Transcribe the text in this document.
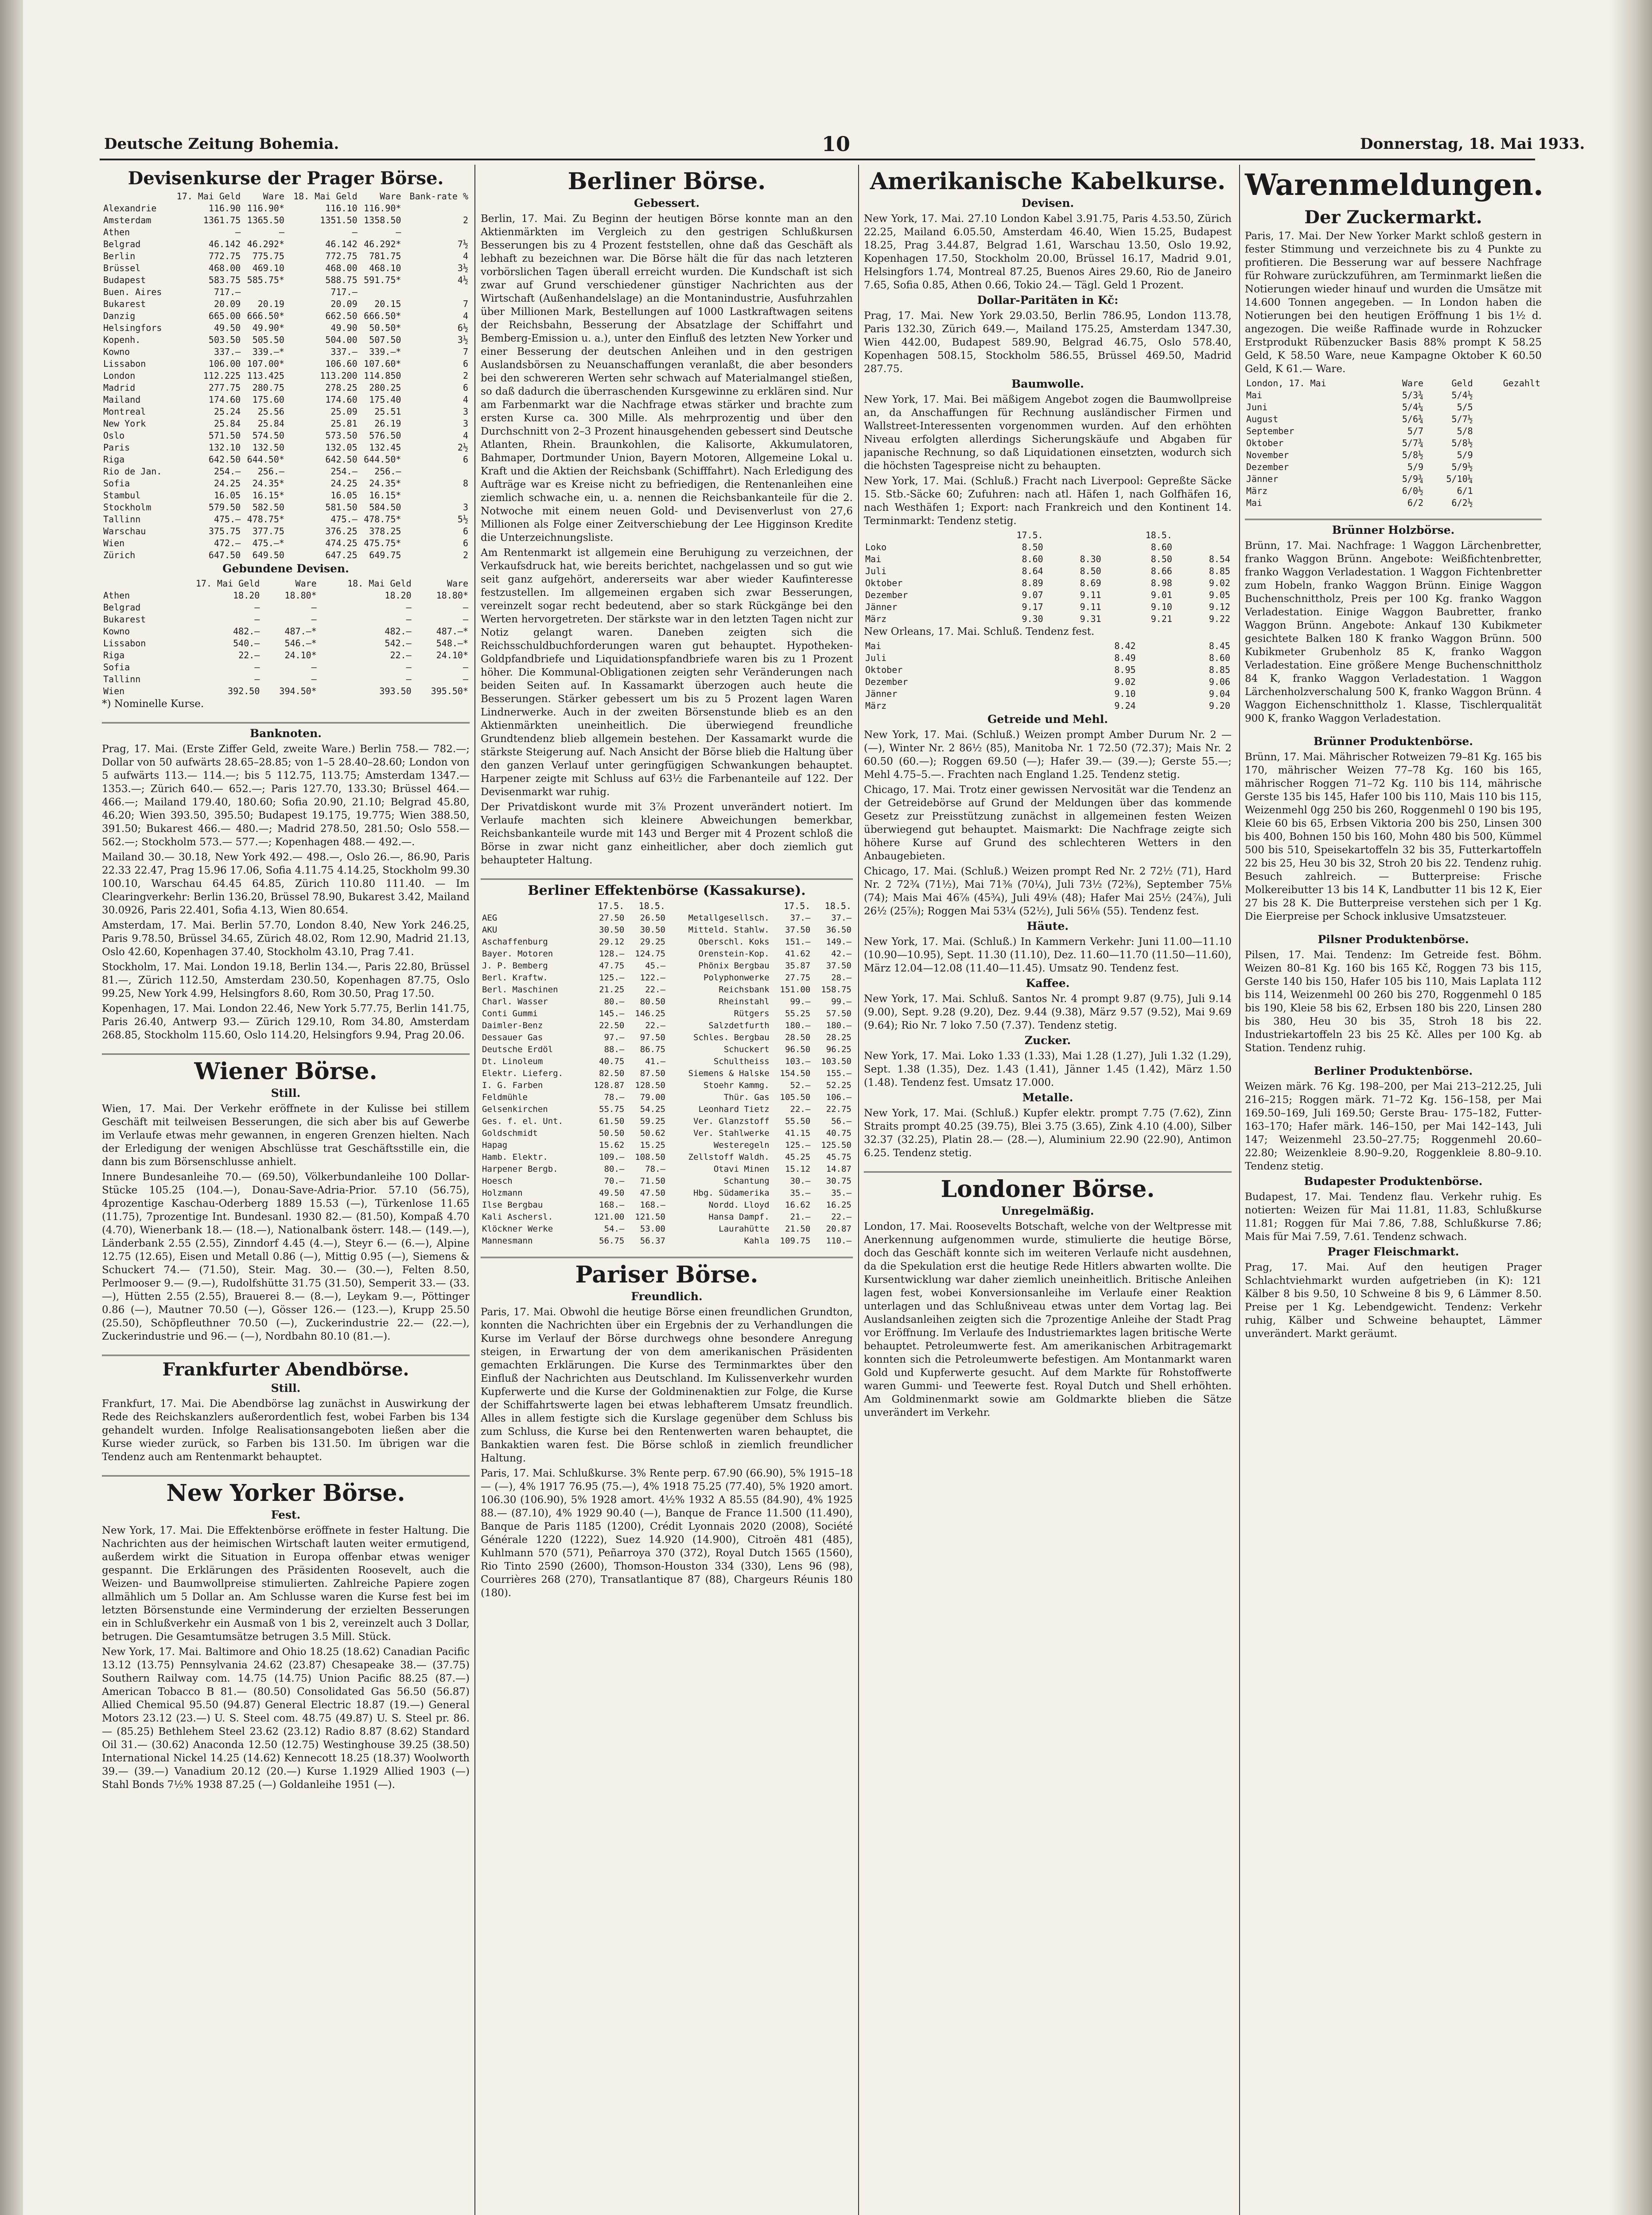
Deutsche Zeitung Bohemia.	10	Donnerstag, 18. Mai 1933.
Devisenkurse der Prager Börse.
	17. Mai Geld	Ware	18. Mai Geld	Ware	Bank-rate %
Alexandrie	116.90	116.90*	116.10	116.90*	
Amsterdam	1361.75	1365.50	1351.50	1358.50	2
Athen	—	—	—	—	
Belgrad	46.142	46.292*	46.142	46.292*	7½
Berlin	772.75	775.75	772.75	781.75	4
Brüssel	468.00	469.10	468.00	468.10	3½
Budapest	583.75	585.75*	588.75	591.75*	4½
Buen. Aires	717.—		717.—		
Bukarest	20.09	20.19	20.09	20.15	7
Danzig	665.00	666.50*	662.50	666.50*	4
Helsingfors	49.50	49.90*	49.90	50.50*	6½
Kopenh.	503.50	505.50	504.00	507.50	3½
Kowno	337.—	339.—*	337.—	339.—*	7
Lissabon	106.00	107.00*	106.60	107.60*	6
London	112.225	113.425	113.200	114.850	2
Madrid	277.75	280.75	278.25	280.25	6
Mailand	174.60	175.60	174.60	175.40	4
Montreal	25.24	25.56	25.09	25.51	3
New York	25.84	25.84	25.81	26.19	3
Oslo	571.50	574.50	573.50	576.50	4
Paris	132.10	132.50	132.05	132.45	2½
Riga	642.50	644.50*	642.50	644.50*	6
Rio de Jan.	254.—	256.—	254.—	256.—	
Sofia	24.25	24.35*	24.25	24.35*	8
Stambul	16.05	16.15*	16.05	16.15*	
Stockholm	579.50	582.50	581.50	584.50	3
Tallinn	475.—	478.75*	475.—	478.75*	5½
Warschau	375.75	377.75	376.25	378.25	6
Wien	472.—	475.—*	474.25	475.75*	6
Zürich	647.50	649.50	647.25	649.75	2
Gebundene Devisen.
	17. Mai Geld	Ware	18. Mai Geld	Ware
Athen	18.20	18.80*	18.20	18.80*
Belgrad	—	—	—	—
Bukarest	—	—	—	—
Kowno	482.—	487.—*	482.—	487.—*
Lissabon	540.—	546.—*	542.—	548.—*
Riga	22.—	24.10*	22.—	24.10*
Sofia	—	—	—	—
Tallinn	—	—	—	—
Wien	392.50	394.50*	393.50	395.50*
*) Nominelle Kurse.
Banknoten.
Prag, 17. Mai. (Erste Ziffer Geld, zweite Ware.) Berlin 758.— 782.—; Dollar von 50 aufwärts 28.65–28.85; von 1–5 28.40–28.60; London von 5 aufwärts 113.— 114.—; bis 5 112.75, 113.75; Amsterdam 1347.— 1353.—; Zürich 640.— 652.—; Paris 127.70, 133.30; Brüssel 464.— 466.—; Mailand 179.40, 180.60; Sofia 20.90, 21.10; Belgrad 45.80, 46.20; Wien 393.50, 395.50; Budapest 19.175, 19.775; Wien 388.50, 391.50; Bukarest 466.— 480.—; Madrid 278.50, 281.50; Oslo 558.— 562.—; Stockholm 573.— 577.—; Kopenhagen 488.— 492.—.
Mailand 30.— 30.18, New York 492.— 498.—, Oslo 26.—, 86.90, Paris 22.33 22.47, Prag 15.96 17.06, Sofia 4.11.75 4.14.25, Stockholm 99.30 100.10, Warschau 64.45 64.85, Zürich 110.80 111.40. — Im Clearingverkehr: Berlin 136.20, Brüssel 78.90, Bukarest 3.42, Mailand 30.0926, Paris 22.401, Sofia 4.13, Wien 80.654.
Amsterdam, 17. Mai. Berlin 57.70, London 8.40, New York 246.25, Paris 9.78.50, Brüssel 34.65, Zürich 48.02, Rom 12.90, Madrid 21.13, Oslo 42.60, Kopenhagen 37.40, Stockholm 43.10, Prag 7.41.
Stockholm, 17. Mai. London 19.18, Berlin 134.—, Paris 22.80, Brüssel 81.—, Zürich 112.50, Amsterdam 230.50, Kopenhagen 87.75, Oslo 99.25, New York 4.99, Helsingfors 8.60, Rom 30.50, Prag 17.50.
Kopenhagen, 17. Mai. London 22.46, New York 5.77.75, Berlin 141.75, Paris 26.40, Antwerp 93.— Zürich 129.10, Rom 34.80, Amsterdam 268.85, Stockholm 115.60, Oslo 114.20, Helsingfors 9.94, Prag 20.06.
Wiener Börse.
Still.
Wien, 17. Mai. Der Verkehr eröffnete in der Kulisse bei stillem Geschäft mit teilweisen Besserungen, die sich aber bis auf Gewerbe im Verlaufe etwas mehr gewannen, in engeren Grenzen hielten. Nach der Erledigung der wenigen Abschlüsse trat Geschäftsstille ein, die dann bis zum Börsenschlusse anhielt.
Innere Bundesanleihe 70.— (69.50), Völkerbundanleihe 100 Dollar-Stücke 105.25 (104.—), Donau-Save-Adria-Prior. 57.10 (56.75), 4prozentige Kaschau-Oderberg 1889 15.53 (—), Türkenlose 11.65 (11.75), 7prozentige Int. Bundesanl. 1930 82.— (81.50), Kompaß 4.70 (4.70), Wienerbank 18.— (18.—), Nationalbank österr. 148.— (149.—), Länderbank 2.55 (2.55), Zinndorf 4.45 (4.—), Steyr 6.— (6.—), Alpine 12.75 (12.65), Eisen und Metall 0.86 (—), Mittig 0.95 (—), Siemens & Schuckert 74.— (71.50), Steir. Mag. 30.— (30.—), Felten 8.50, Perlmooser 9.— (9.—), Rudolfshütte 31.75 (31.50), Semperit 33.— (33.—), Hütten 2.55 (2.55), Brauerei 8.— (8.—), Leykam 9.—, Pöttinger 0.86 (—), Mautner 70.50 (—), Gösser 126.— (123.—), Krupp 25.50 (25.50), Schöpfleuthner 70.50 (—), Zuckerindustrie 22.— (22.—), Zuckerindustrie und 96.— (—), Nordbahn 80.10 (81.—).
Frankfurter Abendbörse.
Still.
Frankfurt, 17. Mai. Die Abendbörse lag zunächst in Auswirkung der Rede des Reichskanzlers außerordentlich fest, wobei Farben bis 134 gehandelt wurden. Infolge Realisationsangeboten ließen aber die Kurse wieder zurück, so Farben bis 131.50. Im übrigen war die Tendenz auch am Rentenmarkt behauptet.
New Yorker Börse.
Fest.
New York, 17. Mai. Die Effektenbörse eröffnete in fester Haltung. Die Nachrichten aus der heimischen Wirtschaft lauten weiter ermutigend, außerdem wirkt die Situation in Europa offenbar etwas weniger gespannt. Die Erklärungen des Präsidenten Roosevelt, auch die Weizen- und Baumwollpreise stimulierten. Zahlreiche Papiere zogen allmählich um 5 Dollar an. Am Schlusse waren die Kurse fest bei im letzten Börsenstunde eine Verminderung der erzielten Besserungen ein in Schlußverkehr ein Ausmaß von 1 bis 2, vereinzelt auch 3 Dollar, betrugen. Die Gesamtumsätze betrugen 3.5 Mill. Stück.
New York, 17. Mai. Baltimore and Ohio 18.25 (18.62) Canadian Pacific 13.12 (13.75) Pennsylvania 24.62 (23.87) Chesapeake 38.— (37.75) Southern Railway com. 14.75 (14.75) Union Pacific 88.25 (87.—) American Tobacco B 81.— (80.50) Consolidated Gas 56.50 (56.87) Allied Chemical 95.50 (94.87) General Electric 18.87 (19.—) General Motors 23.12 (23.—) U. S. Steel com. 48.75 (49.87) U. S. Steel pr. 86.— (85.25) Bethlehem Steel 23.62 (23.12) Radio 8.87 (8.62) Standard Oil 31.— (30.62) Anaconda 12.50 (12.75) Westinghouse 39.25 (38.50) International Nickel 14.25 (14.62) Kennecott 18.25 (18.37) Woolworth 39.— (39.—) Vanadium 20.12 (20.—) Kurse 1.1929 Allied 1903 (—) Stahl Bonds 7½% 1938 87.25 (—) Goldanleihe 1951 (—).
Berliner Börse.
Gebessert.
Berlin, 17. Mai. Zu Beginn der heutigen Börse konnte man an den Aktienmärkten im Vergleich zu den gestrigen Schlußkursen Besserungen bis zu 4 Prozent feststellen, ohne daß das Geschäft als lebhaft zu bezeichnen war. Die Börse hält die für das nach letzteren vorbörslichen Tagen überall erreicht wurden. Die Kundschaft ist sich zwar auf Grund verschiedener günstiger Nachrichten aus der Wirtschaft (Außenhandelslage) an die Montanindustrie, Ausfuhrzahlen über Millionen Mark, Bestellungen auf 1000 Lastkraftwagen seitens der Reichsbahn, Besserung der Absatzlage der Schiffahrt und Bemberg-Emission u. a.), unter den Einfluß des letzten New Yorker und einer Besserung der deutschen Anleihen und in den gestrigen Auslandsbörsen zu Neuanschaffungen veranlaßt, die aber besonders bei den schwereren Werten sehr schwach auf Materialmangel stießen, so daß dadurch die überraschenden Kursgewinne zu erklären sind. Nur am Farbenmarkt war die Nachfrage etwas stärker und brachte zum ersten Kurse ca. 300 Mille. Als mehrprozentig und über den Durchschnitt von 2–3 Prozent hinausgehenden gebessert sind Deutsche Atlanten, Rhein. Braunkohlen, die Kalisorte, Akkumulatoren, Bahmaper, Dortmunder Union, Bayern Motoren, Allgemeine Lokal u. Kraft und die Aktien der Reichsbank (Schifffahrt). Nach Erledigung des Aufträge war es Kreise nicht zu befriedigen, die Rentenanleihen eine ziemlich schwache ein, u. a. nennen die Reichsbankanteile für die 2. Notwoche mit einem neuen Gold- und Devisenverlust von 27,6 Millionen als Folge einer Zeitverschiebung der Lee Higginson Kredite die Unterzeichnungsliste.
Am Rentenmarkt ist allgemein eine Beruhigung zu verzeichnen, der Verkaufsdruck hat, wie bereits berichtet, nachgelassen und so gut wie seit ganz aufgehört, andererseits war aber wieder Kaufinteresse festzustellen. Im allgemeinen ergaben sich zwar Besserungen, vereinzelt sogar recht bedeutend, aber so stark Rückgänge bei den Werten hervorgetreten. Der stärkste war in den letzten Tagen nicht zur Notiz gelangt waren. Daneben zeigten sich die Reichsschuldbuchforderungen waren gut behauptet. Hypotheken-Goldpfandbriefe und Liquidationspfandbriefe waren bis zu 1 Prozent höher. Die Kommunal-Obligationen zeigten sehr Veränderungen nach beiden Seiten auf. In Kassamarkt überzogen auch heute die Besserungen. Stärker gebessert um bis zu 5 Prozent lagen Waren Lindnerwerke. Auch in der zweiten Börsenstunde blieb es an den Aktienmärkten uneinheitlich. Die überwiegend freundliche Grundtendenz blieb allgemein bestehen. Der Kassamarkt wurde die stärkste Steigerung auf. Nach Ansicht der Börse blieb die Haltung über den ganzen Verlauf unter geringfügigen Schwankungen behauptet. Harpener zeigte mit Schluss auf 63½ die Farbenanteile auf 122. Der Devisenmarkt war ruhig.
Der Privatdiskont wurde mit 3⅞ Prozent unverändert notiert. Im Verlaufe machten sich kleinere Abweichungen bemerkbar, Reichsbankanteile wurde mit 143 und Berger mit 4 Prozent schloß die Börse in zwar nicht ganz einheitlicher, aber doch ziemlich gut behaupteter Haltung.
Berliner Effektenbörse (Kassakurse).
	17.5.	18.5.		17.5.	18.5.
AEG	27.50	26.50	Metallgesellsch.	37.—	37.—
AKU	30.50	30.50	Mitteld. Stahlw.	37.50	36.50
Aschaffenburg	29.12	29.25	Oberschl. Koks	151.—	149.—
Bayer. Motoren	128.—	124.75	Orenstein-Kop.	41.62	42.—
J. P. Bemberg	47.75	45.—	Phönix Bergbau	35.87	37.50
Berl. Kraftw.	125.—	122.—	Polyphonwerke	27.75	28.—
Berl. Maschinen	21.25	22.—	Reichsbank	151.00	158.75
Charl. Wasser	80.—	80.50	Rheinstahl	99.—	99.—
Conti Gummi	145.—	146.25	Rütgers	55.25	57.50
Daimler-Benz	22.50	22.—	Salzdetfurth	180.—	180.—
Dessauer Gas	97.—	97.50	Schles. Bergbau	28.50	28.25
Deutsche Erdöl	88.—	86.75	Schuckert	96.50	96.25
Dt. Linoleum	40.75	41.—	Schultheiss	103.—	103.50
Elektr. Lieferg.	82.50	87.50	Siemens & Halske	154.50	155.—
I. G. Farben	128.87	128.50	Stoehr Kammg.	52.—	52.25
Feldmühle	78.—	79.00	Thür. Gas	105.50	106.—
Gelsenkirchen	55.75	54.25	Leonhard Tietz	22.—	22.75
Ges. f. el. Unt.	61.50	59.25	Ver. Glanzstoff	55.50	56.—
Goldschmidt	50.50	50.62	Ver. Stahlwerke	41.15	40.75
Hapag	15.62	15.25	Westeregeln	125.—	125.50
Hamb. Elektr.	109.—	108.50	Zellstoff Waldh.	45.25	45.75
Harpener Bergb.	80.—	78.—	Otavi Minen	15.12	14.87
Hoesch	70.—	71.50	Schantung	30.—	30.75
Holzmann	49.50	47.50	Hbg. Südamerika	35.—	35.—
Ilse Bergbau	168.—	168.—	Nordd. Lloyd	16.62	16.25
Kali Aschersl.	121.00	121.50	Hansa Dampf.	21.—	22.—
Klöckner Werke	54.—	53.00	Laurahütte	21.50	20.87
Mannesmann	56.75	56.37	Kahla	109.75	110.—
Pariser Börse.
Freundlich.
Paris, 17. Mai. Obwohl die heutige Börse einen freundlichen Grundton, konnten die Nachrichten über ein Ergebnis der zu Verhandlungen die Kurse im Verlauf der Börse durchwegs ohne besondere Anregung steigen, in Erwartung der von dem amerikanischen Präsidenten gemachten Erklärungen. Die Kurse des Terminmarktes über den Einfluß der Nachrichten aus Deutschland. Im Kulissenverkehr wurden Kupferwerte und die Kurse der Goldminenaktien zur Folge, die Kurse der Schiffahrtswerte lagen bei etwas lebhafterem Umsatz freundlich. Alles in allem festigte sich die Kurslage gegenüber dem Schluss bis zum Schluss, die Kurse bei den Rentenwerten waren behauptet, die Bankaktien waren fest. Die Börse schloß in ziemlich freundlicher Haltung.
Paris, 17. Mai. Schlußkurse. 3% Rente perp. 67.90 (66.90), 5% 1915–18 — (—), 4% 1917 76.95 (75.—), 4% 1918 75.25 (77.40), 5% 1920 amort. 106.30 (106.90), 5% 1928 amort. 4½% 1932 A 85.55 (84.90), 4% 1925 88.— (87.10), 4% 1929 90.40 (—), Banque de France 11.500 (11.490), Banque de Paris 1185 (1200), Crédit Lyonnais 2020 (2008), Société Générale 1220 (1222), Suez 14.920 (14.900), Citroën 481 (485), Kuhlmann 570 (571), Peñarroya 370 (372), Royal Dutch 1565 (1560), Rio Tinto 2590 (2600), Thomson-Houston 334 (330), Lens 96 (98), Courrières 268 (270), Transatlantique 87 (88), Chargeurs Réunis 180 (180).
Amerikanische Kabelkurse.
Devisen.
New York, 17. Mai. 27.10 London Kabel 3.91.75, Paris 4.53.50, Zürich 22.25, Mailand 6.05.50, Amsterdam 46.40, Wien 15.25, Budapest 18.25, Prag 3.44.87, Belgrad 1.61, Warschau 13.50, Oslo 19.92, Kopenhagen 17.50, Stockholm 20.00, Brüssel 16.17, Madrid 9.01, Helsingfors 1.74, Montreal 87.25, Buenos Aires 29.60, Rio de Janeiro 7.65, Sofia 0.85, Athen 0.66, Tokio 24.— Tägl. Geld 1 Prozent.
Dollar-Paritäten in Kč:
Prag, 17. Mai. New York 29.03.50, Berlin 786.95, London 113.78, Paris 132.30, Zürich 649.—, Mailand 175.25, Amsterdam 1347.30, Wien 442.00, Budapest 589.90, Belgrad 46.75, Oslo 578.40, Kopenhagen 508.15, Stockholm 586.55, Brüssel 469.50, Madrid 287.75.
Baumwolle.
New York, 17. Mai. Bei mäßigem Angebot zogen die Baumwollpreise an, da Anschaffungen für Rechnung ausländischer Firmen und Wallstreet-Interessenten vorgenommen wurden. Auf den erhöhten Niveau erfolgten allerdings Sicherungskäufe und Abgaben für japanische Rechnung, so daß Liquidationen einsetzten, wodurch sich die höchsten Tagespreise nicht zu behaupten.
New York, 17. Mai. (Schluß.) Fracht nach Liverpool: Gepreßte Säcke 15. Stb.-Säcke 60; Zufuhren: nach atl. Häfen 1, nach Golfhäfen 16, nach Westhäfen 1; Export: nach Frankreich und den Kontinent 14. Terminmarkt: Tendenz stetig.
	17.5.		18.5.	
Loko	8.50		8.60	
Mai	8.60	8.30	8.50	8.54
Juli	8.64	8.50	8.66	8.85
Oktober	8.89	8.69	8.98	9.02
Dezember	9.07	9.11	9.01	9.05
Jänner	9.17	9.11	9.10	9.12
März	9.30	9.31	9.21	9.22
New Orleans, 17. Mai. Schluß. Tendenz fest.
Mai	8.42	8.45
Juli	8.49	8.60
Oktober	8.95	8.85
Dezember	9.02	9.06
Jänner	9.10	9.04
März	9.24	9.20
Getreide und Mehl.
New York, 17. Mai. (Schluß.) Weizen prompt Amber Durum Nr. 2 — (—), Winter Nr. 2 86½ (85), Manitoba Nr. 1 72.50 (72.37); Mais Nr. 2 60.50 (60.—); Roggen 69.50 (—); Hafer 39.— (39.—); Gerste 55.—; Mehl 4.75–5.—. Frachten nach England 1.25. Tendenz stetig.
Chicago, 17. Mai. Trotz einer gewissen Nervosität war die Tendenz an der Getreidebörse auf Grund der Meldungen über das kommende Gesetz zur Preisstützung zunächst in allgemeinen festen Weizen überwiegend gut behauptet. Maismarkt: Die Nachfrage zeigte sich höhere Kurse auf Grund des schlechteren Wetters in den Anbaugebieten.
Chicago, 17. Mai. (Schluß.) Weizen prompt Red Nr. 2 72½ (71), Hard Nr. 2 72¾ (71½), Mai 71⅜ (70¼), Juli 73½ (72⅜), September 75⅛ (74); Mais Mai 46⅞ (45¾), Juli 49⅛ (48); Hafer Mai 25½ (24⅞), Juli 26½ (25⅞); Roggen Mai 53¼ (52½), Juli 56⅛ (55). Tendenz fest.
Häute.
New York, 17. Mai. (Schluß.) In Kammern Verkehr: Juni 11.00—11.10 (10.90—10.95), Sept. 11.30 (11.10), Dez. 11.60—11.70 (11.50—11.60), März 12.04—12.08 (11.40—11.45). Umsatz 90. Tendenz fest.
Kaffee.
New York, 17. Mai. Schluß. Santos Nr. 4 prompt 9.87 (9.75), Juli 9.14 (9.00), Sept. 9.28 (9.20), Dez. 9.44 (9.38), März 9.57 (9.52), Mai 9.69 (9.64); Rio Nr. 7 loko 7.50 (7.37). Tendenz stetig.
Zucker.
New York, 17. Mai. Loko 1.33 (1.33), Mai 1.28 (1.27), Juli 1.32 (1.29), Sept. 1.38 (1.35), Dez. 1.43 (1.41), Jänner 1.45 (1.42), März 1.50 (1.48). Tendenz fest. Umsatz 17.000.
Metalle.
New York, 17. Mai. (Schluß.) Kupfer elektr. prompt 7.75 (7.62), Zinn Straits prompt 40.25 (39.75), Blei 3.75 (3.65), Zink 4.10 (4.00), Silber 32.37 (32.25), Platin 28.— (28.—), Aluminium 22.90 (22.90), Antimon 6.25. Tendenz stetig.
Londoner Börse.
Unregelmäßig.
London, 17. Mai. Roosevelts Botschaft, welche von der Weltpresse mit Anerkennung aufgenommen wurde, stimulierte die heutige Börse, doch das Geschäft konnte sich im weiteren Verlaufe nicht ausdehnen, da die Spekulation erst die heutige Rede Hitlers abwarten wollte. Die Kursentwicklung war daher ziemlich uneinheitlich. Britische Anleihen lagen fest, wobei Konversionsanleihe im Verlaufe einer Reaktion unterlagen und das Schlußniveau etwas unter dem Vortag lag. Bei Auslandsanleihen zeigten sich die 7prozentige Anleihe der Stadt Prag vor Eröffnung. Im Verlaufe des Industriemarktes lagen britische Werte behauptet. Petroleumwerte fest. Am amerikanischen Arbitragemarkt konnten sich die Petroleumwerte befestigen. Am Montanmarkt waren Gold und Kupferwerte gesucht. Auf dem Markte für Rohstoffwerte waren Gummi- und Teewerte fest. Royal Dutch und Shell erhöhten. Am Goldminenmarkt sowie am Goldmarkte blieben die Sätze unverändert im Verkehr.
Warenmeldungen.
Der Zuckermarkt.
Paris, 17. Mai. Der New Yorker Markt schloß gestern in fester Stimmung und verzeichnete bis zu 4 Punkte zu profitieren. Die Besserung war auf bessere Nachfrage für Rohware zurückzuführen, am Terminmarkt ließen die Notierungen wieder hinauf und wurden die Umsätze mit 14.600 Tonnen angegeben. — In London haben die Notierungen bei den heutigen Eröffnung 1 bis 1½ d. angezogen. Die weiße Raffinade wurde in Rohzucker Erstprodukt Rübenzucker Basis 88% prompt K 58.25 Geld, K 58.50 Ware, neue Kampagne Oktober K 60.50 Geld, K 61.— Ware.
London, 17. Mai	Ware	Geld	Gezahlt
Mai	5/3¾	5/4½	
Juni	5/4¼	5/5	
August	5/6¾	5/7½	
September	5/7	5/8	
Oktober	5/7¾	5/8½	
November	5/8½	5/9	
Dezember	5/9	5/9½	
Jänner	5/9¾	5/10¼	
März	6/0½	6/1	
Mai	6/2	6/2½	
Brünner Holzbörse.
Brünn, 17. Mai. Nachfrage: 1 Waggon Lärchenbretter, franko Waggon Brünn. Angebote: Weißfichtenbretter, franko Waggon Verladestation. 1 Waggon Fichtenbretter zum Hobeln, franko Waggon Brünn. Einige Waggon Buchenschnittholz, Preis per 100 Kg. franko Waggon Verladestation. Einige Waggon Baubretter, franko Waggon Brünn. Angebote: Ankauf 130 Kubikmeter gesichtete Balken 180 K franko Waggon Brünn. 500 Kubikmeter Grubenholz 85 K, franko Waggon Verladestation. Eine größere Menge Buchenschnittholz 84 K, franko Waggon Verladestation. 1 Waggon Lärchenholzverschalung 500 K, franko Waggon Brünn. 4 Waggon Eichenschnittholz 1. Klasse, Tischlerqualität 900 K, franko Waggon Verladestation.
Brünner Produktenbörse.
Brünn, 17. Mai. Mährischer Rotweizen 79–81 Kg. 165 bis 170, mährischer Weizen 77–78 Kg. 160 bis 165, mährischer Roggen 71–72 Kg. 110 bis 114, mährische Gerste 135 bis 145, Hafer 100 bis 110, Mais 110 bis 115, Weizenmehl 0gg 250 bis 260, Roggenmehl 0 190 bis 195, Kleie 60 bis 65, Erbsen Viktoria 200 bis 250, Linsen 300 bis 400, Bohnen 150 bis 160, Mohn 480 bis 500, Kümmel 500 bis 510, Speisekartoffeln 32 bis 35, Futterkartoffeln 22 bis 25, Heu 30 bis 32, Stroh 20 bis 22. Tendenz ruhig. Besuch zahlreich. — Butterpreise: Frische Molkereibutter 13 bis 14 K, Landbutter 11 bis 12 K, Eier 27 bis 28 K. Die Butterpreise verstehen sich per 1 Kg. Die Eierpreise per Schock inklusive Umsatzsteuer.
Pilsner Produktenbörse.
Pilsen, 17. Mai. Tendenz: Im Getreide fest. Böhm. Weizen 80–81 Kg. 160 bis 165 Kč, Roggen 73 bis 115, Gerste 140 bis 150, Hafer 105 bis 110, Mais Laplata 112 bis 114, Weizenmehl 00 260 bis 270, Roggenmehl 0 185 bis 190, Kleie 58 bis 62, Erbsen 180 bis 220, Linsen 280 bis 380, Heu 30 bis 35, Stroh 18 bis 22. Industriekartoffeln 23 bis 25 Kč. Alles per 100 Kg. ab Station. Tendenz ruhig.
Berliner Produktenbörse.
Weizen märk. 76 Kg. 198–200, per Mai 213–212.25, Juli 216–215; Roggen märk. 71–72 Kg. 156–158, per Mai 169.50–169, Juli 169.50; Gerste Brau- 175–182, Futter- 163–170; Hafer märk. 146–150, per Mai 142–143, Juli 147; Weizenmehl 23.50–27.75; Roggenmehl 20.60–22.80; Weizenkleie 8.90–9.20, Roggenkleie 8.80–9.10. Tendenz stetig.
Budapester Produktenbörse.
Budapest, 17. Mai. Tendenz flau. Verkehr ruhig. Es notierten: Weizen für Mai 11.81, 11.83, Schlußkurse 11.81; Roggen für Mai 7.86, 7.88, Schlußkurse 7.86; Mais für Mai 7.59, 7.61. Tendenz schwach.
Prager Fleischmarkt.
Prag, 17. Mai. Auf den heutigen Prager Schlachtviehmarkt wurden aufgetrieben (in K): 121 Kälber 8 bis 9.50, 10 Schweine 8 bis 9, 6 Lämmer 8.50. Preise per 1 Kg. Lebendgewicht. Tendenz: Verkehr ruhig, Kälber und Schweine behauptet, Lämmer unverändert. Markt geräumt.
